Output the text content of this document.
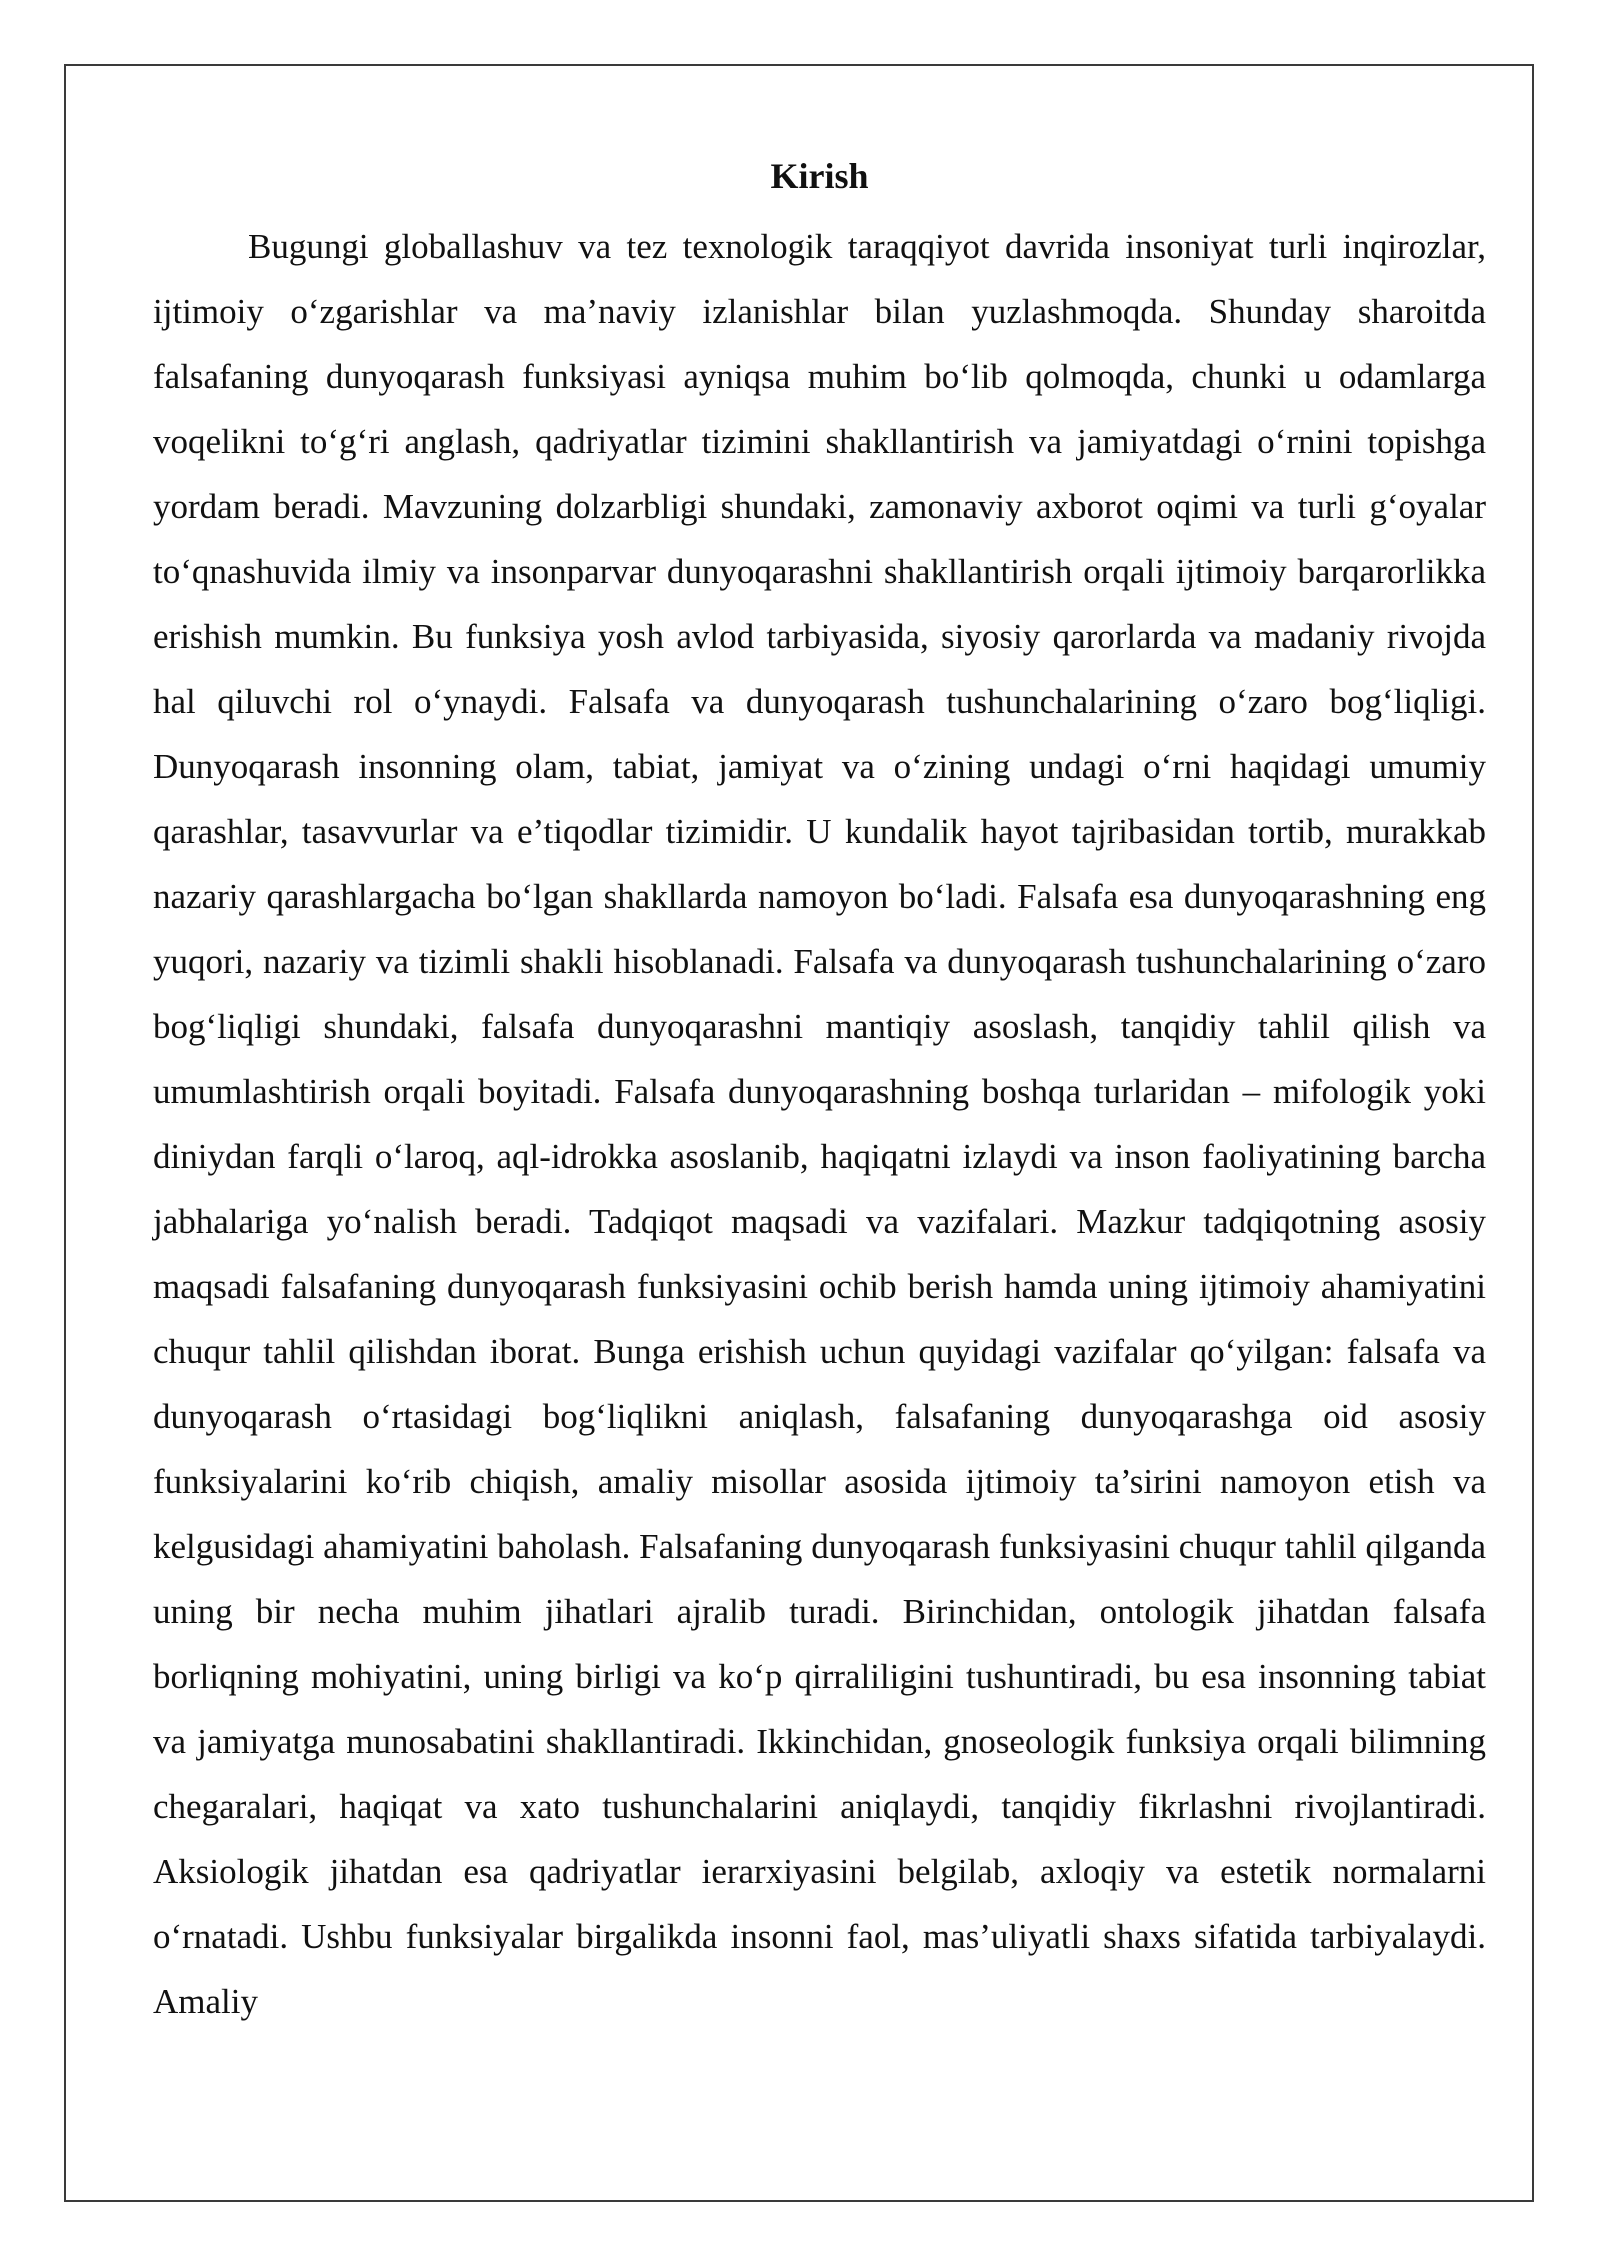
Kirish

Bugungi globallashuv va tez texnologik taraqqiyot davrida insoniyat turli inqirozlar, ijtimoiy o‘zgarishlar va ma’naviy izlanishlar bilan yuzlashmoqda. Shunday sharoitda falsafaning dunyoqarash funksiyasi ayniqsa muhim bo‘lib qolmoqda, chunki u odamlarga voqelikni to‘g‘ri anglash, qadriyatlar tizimini shakllantirish va jamiyatdagi o‘rnini topishga yordam beradi. Mavzuning dolzarbligi shundaki, zamonaviy axborot oqimi va turli g‘oyalar to‘qnashuvida ilmiy va insonparvar dunyoqarashni shakllantirish orqali ijtimoiy barqarorlikka erishish mumkin. Bu funksiya yosh avlod tarbiyasida, siyosiy qarorlarda va madaniy rivojda hal qiluvchi rol o‘ynaydi. Falsafa va dunyoqarash tushunchalarining o‘zaro bog‘liqligi. Dunyoqarash insonning olam, tabiat, jamiyat va o‘zining undagi o‘rni haqidagi umumiy qarashlar, tasavvurlar va e’tiqodlar tizimidir. U kundalik hayot tajribasidan tortib, murakkab nazariy qarashlargacha bo‘lgan shakllarda namoyon bo‘ladi. Falsafa esa dunyoqarashning eng yuqori, nazariy va tizimli shakli hisoblanadi. Falsafa va dunyoqarash tushunchalarining o‘zaro bog‘liqligi shundaki, falsafa dunyoqarashni mantiqiy asoslash, tanqidiy tahlil qilish va umumlashtirish orqali boyitadi. Falsafa dunyoqarashning boshqa turlaridan – mifologik yoki diniydan farqli o‘laroq, aql-idrokka asoslanib, haqiqatni izlaydi va inson faoliyatining barcha jabhalariga yo‘nalish beradi. Tadqiqot maqsadi va vazifalari. Mazkur tadqiqotning asosiy maqsadi falsafaning dunyoqarash funksiyasini ochib berish hamda uning ijtimoiy ahamiyatini chuqur tahlil qilishdan iborat. Bunga erishish uchun quyidagi vazifalar qo‘yilgan: falsafa va dunyoqarash o‘rtasidagi bog‘liqlikni aniqlash, falsafaning dunyoqarashga oid asosiy funksiyalarini ko‘rib chiqish, amaliy misollar asosida ijtimoiy ta’sirini namoyon etish va kelgusidagi ahamiyatini baholash. Falsafaning dunyoqarash funksiyasini chuqur tahlil qilganda uning bir necha muhim jihatlari ajralib turadi. Birinchidan, ontologik jihatdan falsafa borliqning mohiyatini, uning birligi va ko‘p qirraliligini tushuntiradi, bu esa insonning tabiat va jamiyatga munosabatini shakllantiradi. Ikkinchidan, gnoseologik funksiya orqali bilimning chegaralari, haqiqat va xato tushunchalarini aniqlaydi, tanqidiy fikrlashni rivojlantiradi. Aksiologik jihatdan esa qadriyatlar ierarxiyasini belgilab, axloqiy va estetik normalarni o‘rnatadi. Ushbu funksiyalar birgalikda insonni faol, mas’uliyatli shaxs sifatida tarbiyalaydi. Amaliy
